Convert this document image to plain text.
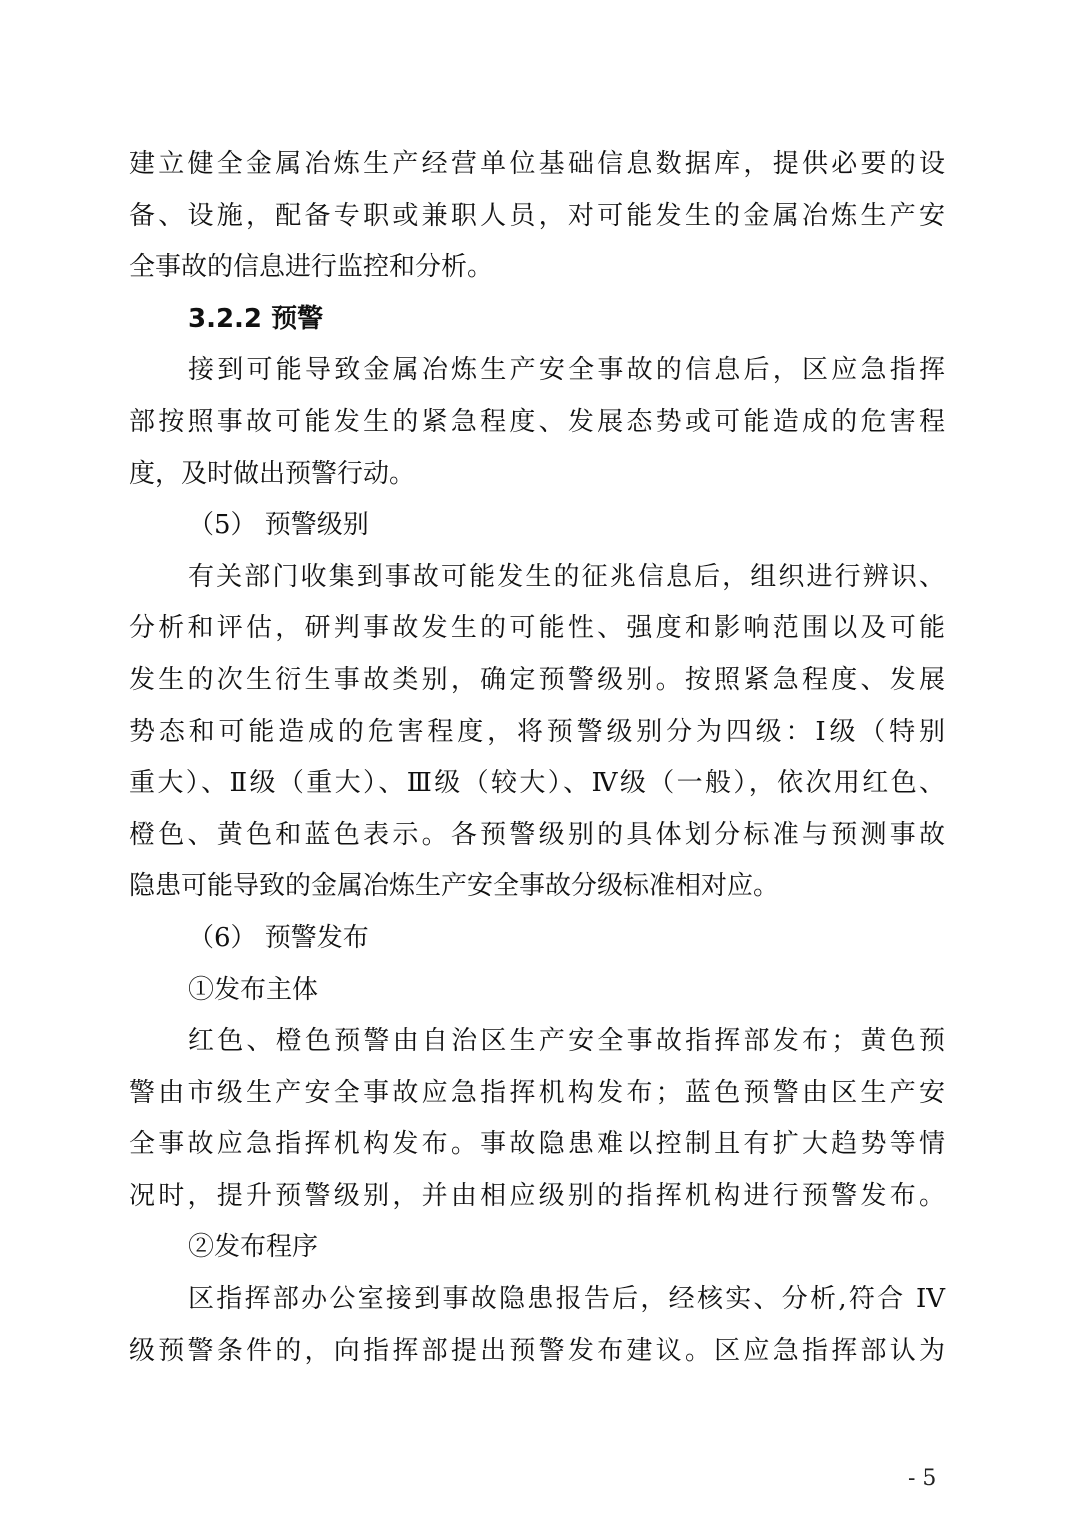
建立健全金属冶炼生产经营单位基础信息数据库，提供必要的设
备、设施，配备专职或兼职人员，对可能发生的金属冶炼生产安
全事故的信息进行监控和分析。
3.2.2 预警
接到可能导致金属冶炼生产安全事故的信息后，区应急指挥
部按照事故可能发生的紧急程度、发展态势或可能造成的危害程
度，及时做出预警行动。
（5） 预警级别
有关部门收集到事故可能发生的征兆信息后，组织进行辨识、
分析和评估，研判事故发生的可能性、强度和影响范围以及可能
发生的次生衍生事故类别，确定预警级别。按照紧急程度、发展
势态和可能造成的危害程度，将预警级别分为四级：Ⅰ级（特别
重大）、Ⅱ级（重大）、Ⅲ级（较大）、Ⅳ级（一般），依次用红色、
橙色、黄色和蓝色表示。各预警级别的具体划分标准与预测事故
隐患可能导致的金属冶炼生产安全事故分级标准相对应。
（6） 预警发布
①发布主体
红色、橙色预警由自治区生产安全事故指挥部发布；黄色预
警由市级生产安全事故应急指挥机构发布；蓝色预警由区生产安
全事故应急指挥机构发布。事故隐患难以控制且有扩大趋势等情
况时，提升预警级别，并由相应级别的指挥机构进行预警发布。
②发布程序
区指挥部办公室接到事故隐患报告后，经核实、分析,符合 IV
级预警条件的，向指挥部提出预警发布建议。区应急指挥部认为
- 5
